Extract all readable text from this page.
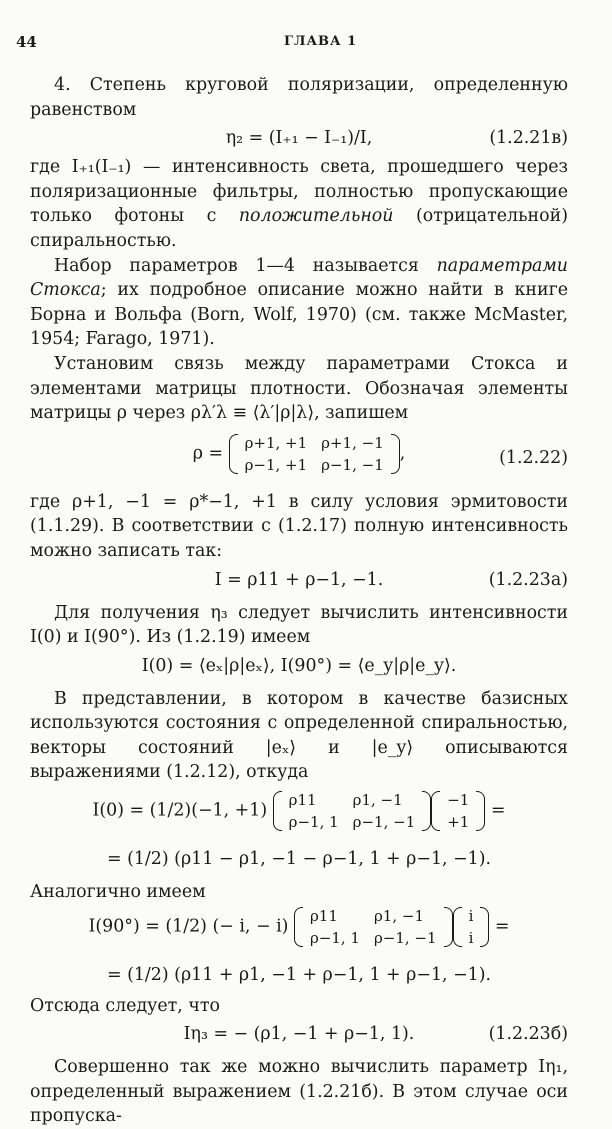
44	ГЛАВА 1

4. Степень круговой поляризации, определенную равенством

η₂ = (I₊₁ − I₋₁)/I,	(1.2.21в)

где I₊₁(I₋₁) — интенсивность света, прошедшего через поляризационные фильтры, полностью пропускающие только фотоны с положительной (отрицательной) спиральностью.

Набор параметров 1—4 называется параметрами Стокса; их подробное описание можно найти в книге Борна и Вольфа (Born, Wolf, 1970) (см. также McMaster, 1954; Farago, 1971).

Установим связь между параметрами Стокса и элементами матрицы плотности. Обозначая элементы матрицы ρ через ρλ′λ ≡ ⟨λ′|ρ|λ⟩, запишем

ρ =
ρ+1, +1	ρ+1, −1
ρ−1, +1	ρ−1, −1
,	(1.2.22)

где ρ+1, −1 = ρ*−1, +1 в силу условия эрмитовости (1.1.29). В соответствии с (1.2.17) полную интенсивность можно записать так:

I = ρ11 + ρ−1, −1.	(1.2.23а)

Для получения η₃ следует вычислить интенсивности I(0) и I(90°). Из (1.2.19) имеем

I(0) = ⟨eₓ|ρ|eₓ⟩, I(90°) = ⟨e_y|ρ|e_y⟩.

В представлении, в котором в качестве базисных используются состояния с определенной спиральностью, векторы состояний |eₓ⟩ и |e_y⟩ описываются выражениями (1.2.12), откуда

I(0) = (1/2)(−1, +1)
ρ11	ρ1, −1
ρ−1, 1	ρ−1, −1
−1
+1
=
= (1/2) (ρ11 − ρ1, −1 − ρ−1, 1 + ρ−1, −1).

Аналогично имеем

I(90°) = (1/2) (− i, − i)
ρ11	ρ1, −1
ρ−1, 1	ρ−1, −1
i
i
=
= (1/2) (ρ11 + ρ1, −1 + ρ−1, 1 + ρ−1, −1).

Отсюда следует, что

Iη₃ = − (ρ1, −1 + ρ−1, 1).	(1.2.23б)

Совершенно так же можно вычислить параметр Iη₁, определенный выражением (1.2.21б). В этом случае оси пропуска-
